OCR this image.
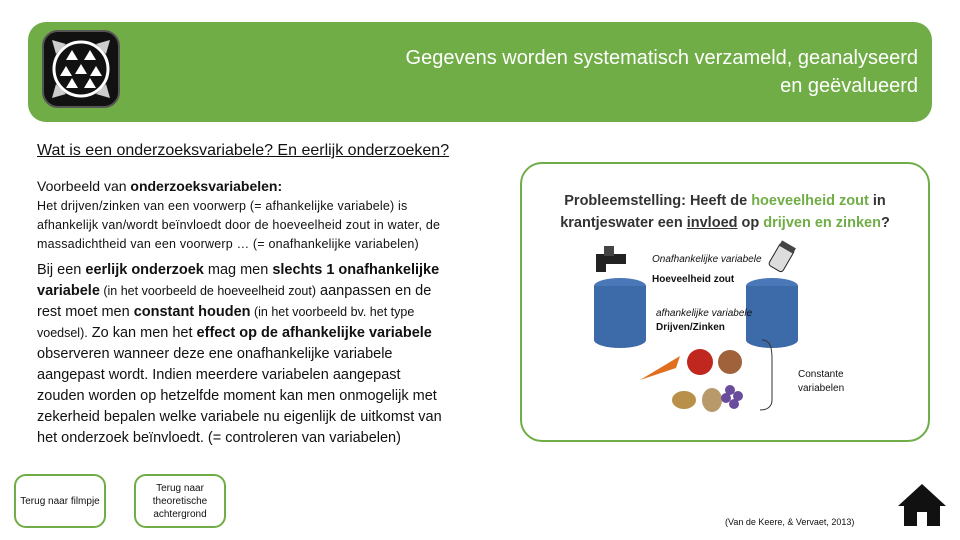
Gegevens worden systematisch verzameld, geanalyseerd
en geëvalueerd
Wat is een onderzoeksvariabele? En eerlijk onderzoeken?
Voorbeeld van onderzoeksvariabelen:
Het drijven/zinken van een voorwerp (= afhankelijke variabele) is
afhankelijk van/wordt beïnvloedt door de hoeveelheid zout in water, de
massadichtheid van een voorwerp … (= onafhankelijke variabelen)
Bij een eerlijk onderzoek mag men slechts 1 onafhankelijke
variabele (in het voorbeeld de hoeveelheid zout) aanpassen en de
rest moet men constant houden (in het voorbeeld bv. het type
voedsel). Zo kan men het effect op de afhankelijke variabele
observeren wanneer deze ene onafhankelijke variabele
aangepast wordt. Indien meerdere variabelen aangepast
zouden worden op hetzelfde moment kan men onmogelijk met
zekerheid bepalen welke variabele nu eigenlijk de uitkomst van
het onderzoek beïnvloedt. (= controleren van variabelen)
Probleemstelling: Heeft de hoeveelheid zout in
krantjeswater een invloed op drijven en zinken?
Onafhankelijke variabele
Hoeveelheid zout
afhankelijke variabele
Drijven/Zinken
Constante
variabelen
Terug naar filmpje
Terug naar theoretische achtergrond
(Van de Keere, & Vervaet, 2013)
